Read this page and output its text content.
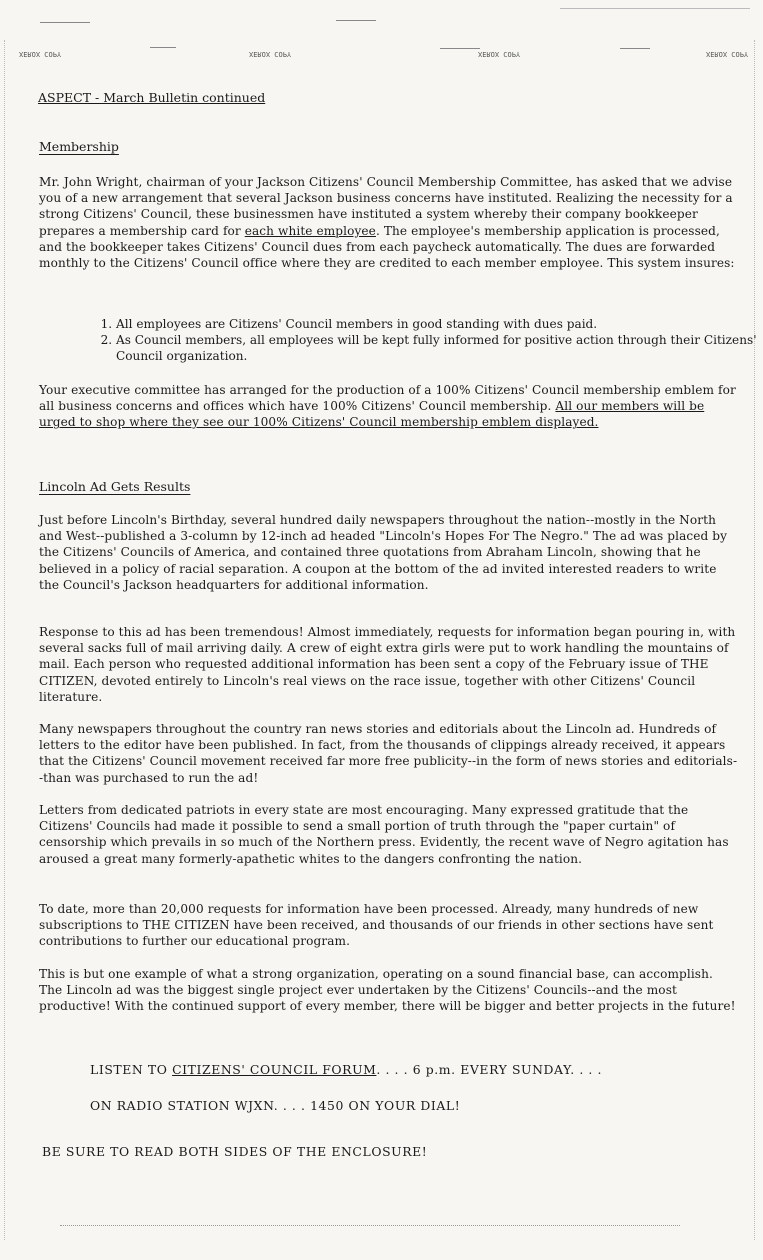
XEROX COPY	XEROX COPY	XEROX COPY	XEROX COPY
ASPECT - March Bulletin continued
Membership

Mr. John Wright, chairman of your Jackson Citizens' Council Membership Committee, has asked that we advise you of a new arrangement that several Jackson business concerns have instituted. Realizing the necessity for a strong Citizens' Council, these businessmen have instituted a system whereby their company bookkeeper prepares a membership card for each white employee. The employee's membership application is processed, and the bookkeeper takes Citizens' Council dues from each paycheck automatically. The dues are forwarded monthly to the Citizens' Council office where they are credited to each member employee. This system insures:

1. All employees are Citizens' Council members in good standing with dues paid.
2. As Council members, all employees will be kept fully informed for positive action through their Citizens' Council organization.

Your executive committee has arranged for the production of a 100% Citizens' Council membership emblem for all business concerns and offices which have 100% Citizens' Council membership. All our members will be urged to shop where they see our 100% Citizens' Council membership emblem displayed.

Lincoln Ad Gets Results
Just before Lincoln's Birthday, several hundred daily newspapers throughout the nation--mostly in the North and West--published a 3-column by 12-inch ad headed "Lincoln's Hopes For The Negro." The ad was placed by the Citizens' Councils of America, and contained three quotations from Abraham Lincoln, showing that he believed in a policy of racial separation. A coupon at the bottom of the ad invited interested readers to write the Council's Jackson headquarters for additional information.
Response to this ad has been tremendous! Almost immediately, requests for information began pouring in, with several sacks full of mail arriving daily. A crew of eight extra girls were put to work handling the mountains of mail. Each person who requested additional information has been sent a copy of the February issue of THE CITIZEN, devoted entirely to Lincoln's real views on the race issue, together with other Citizens' Council literature.
Many newspapers throughout the country ran news stories and editorials about the Lincoln ad. Hundreds of letters to the editor have been published. In fact, from the thousands of clippings already received, it appears that the Citizens' Council movement received far more free publicity--in the form of news stories and editorials--than was purchased to run the ad!
Letters from dedicated patriots in every state are most encouraging. Many expressed gratitude that the Citizens' Councils had made it possible to send a small portion of truth through the "paper curtain" of censorship which prevails in so much of the Northern press. Evidently, the recent wave of Negro agitation has aroused a great many formerly-apathetic whites to the dangers confronting the nation.
To date, more than 20,000 requests for information have been processed. Already, many hundreds of new subscriptions to THE CITIZEN have been received, and thousands of our friends in other sections have sent contributions to further our educational program.
This is but one example of what a strong organization, operating on a sound financial base, can accomplish. The Lincoln ad was the biggest single project ever undertaken by the Citizens' Councils--and the most productive! With the continued support of every member, there will be bigger and better projects in the future!
LISTEN TO CITIZENS' COUNCIL FORUM. . . . 6 p.m. EVERY SUNDAY. . . .
ON RADIO STATION WJXN. . . . 1450 ON YOUR DIAL!
BE SURE TO READ BOTH SIDES OF THE ENCLOSURE!
